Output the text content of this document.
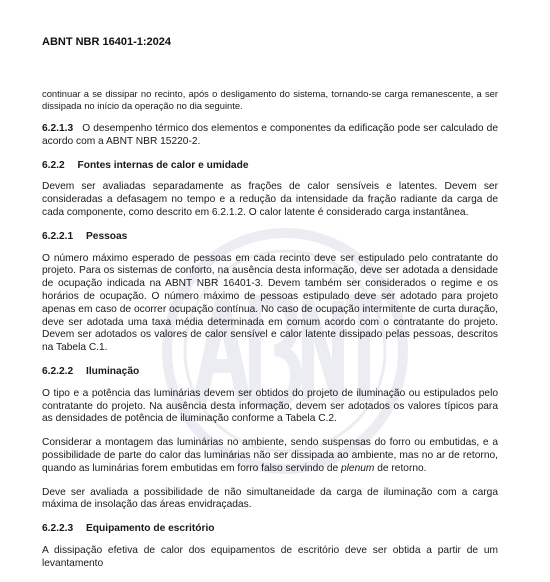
ABNT NBR 16401-1:2024

continuar a se dissipar no recinto, após o desligamento do sistema, tornando-se carga remanescente, a ser dissipada no início da operação no dia seguinte.

6.2.1.3 O desempenho térmico dos elementos e componentes da edificação pode ser calculado de acordo com a ABNT NBR 15220-2.

6.2.2 Fontes internas de calor e umidade

Devem ser avaliadas separadamente as frações de calor sensíveis e latentes. Devem ser consideradas a defasagem no tempo e a redução da intensidade da fração radiante da carga de cada componente, como descrito em 6.2.1.2. O calor latente é considerado carga instantânea.

6.2.2.1 Pessoas

O número máximo esperado de pessoas em cada recinto deve ser estipulado pelo contratante do projeto. Para os sistemas de conforto, na ausência desta informação, deve ser adotada a densidade de ocupação indicada na ABNT NBR 16401-3. Devem também ser considerados o regime e os horários de ocupação. O número máximo de pessoas estipulado deve ser adotado para projeto apenas em caso de ocorrer ocupação contínua. No caso de ocupação intermitente de curta duração, deve ser adotada uma taxa média determinada em comum acordo com o contratante do projeto. Devem ser adotados os valores de calor sensível e calor latente dissipado pelas pessoas, descritos na Tabela C.1.

6.2.2.2 Iluminação

O tipo e a potência das luminárias devem ser obtidos do projeto de iluminação ou estipulados pelo contratante do projeto. Na ausência desta informação, devem ser adotados os valores típicos para as densidades de potência de iluminação conforme a Tabela C.2.

Considerar a montagem das luminárias no ambiente, sendo suspensas do forro ou embutidas, e a possibilidade de parte do calor das luminárias não ser dissipada ao ambiente, mas no ar de retorno, quando as luminárias forem embutidas em forro falso servindo de plenum de retorno.

Deve ser avaliada a possibilidade de não simultaneidade da carga de iluminação com a carga máxima de insolação das áreas envidraçadas.

6.2.2.3 Equipamento de escritório

A dissipação efetiva de calor dos equipamentos de escritório deve ser obtida a partir de um levantamento
